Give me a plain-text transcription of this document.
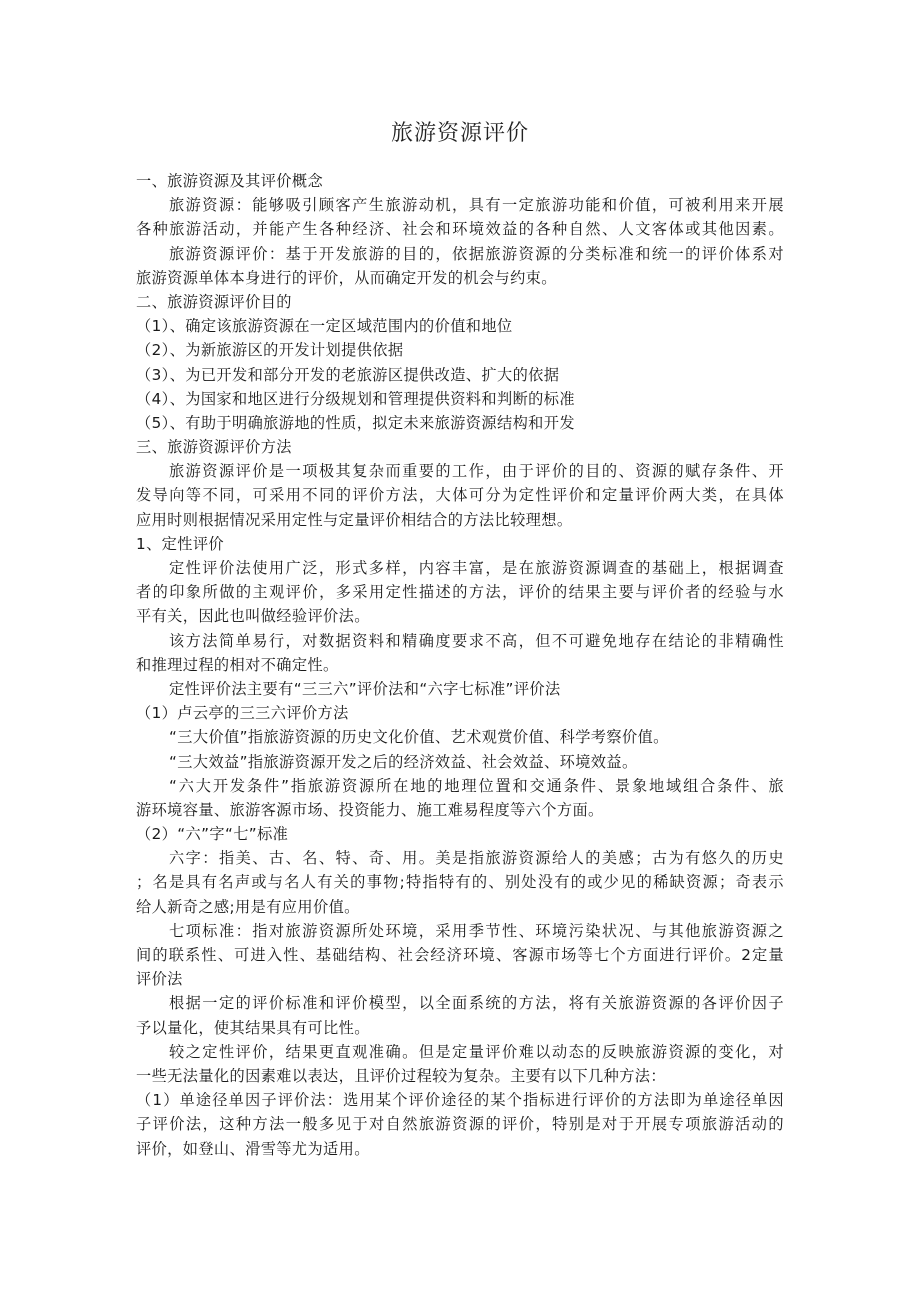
旅游资源评价
一、旅游资源及其评价概念
旅游资源：能够吸引顾客产生旅游动机，具有一定旅游功能和价值，可被利用来开展
各种旅游活动，并能产生各种经济、社会和环境效益的各种自然、人文客体或其他因素。
旅游资源评价：基于开发旅游的目的，依据旅游资源的分类标准和统一的评价体系对
旅游资源单体本身进行的评价，从而确定开发的机会与约束。
二、旅游资源评价目的
（1）、确定该旅游资源在一定区域范围内的价值和地位
（2）、为新旅游区的开发计划提供依据
（3）、为已开发和部分开发的老旅游区提供改造、扩大的依据
（4）、为国家和地区进行分级规划和管理提供资料和判断的标准
（5）、有助于明确旅游地的性质，拟定未来旅游资源结构和开发
三、旅游资源评价方法
旅游资源评价是一项极其复杂而重要的工作，由于评价的目的、资源的赋存条件、开
发导向等不同，可采用不同的评价方法，大体可分为定性评价和定量评价两大类，在具体
应用时则根据情况采用定性与定量评价相结合的方法比较理想。
1、定性评价
定性评价法使用广泛，形式多样，内容丰富，是在旅游资源调查的基础上，根据调查
者的印象所做的主观评价，多采用定性描述的方法，评价的结果主要与评价者的经验与水
平有关，因此也叫做经验评价法。
该方法简单易行，对数据资料和精确度要求不高，但不可避免地存在结论的非精确性
和推理过程的相对不确定性。
定性评价法主要有“三三六”评价法和“六字七标准”评价法
（1）卢云亭的三三六评价方法
“三大价值”指旅游资源的历史文化价值、艺术观赏价值、科学考察价值。
“三大效益”指旅游资源开发之后的经济效益、社会效益、环境效益。
“六大开发条件”指旅游资源所在地的地理位置和交通条件、景象地域组合条件、旅
游环境容量、旅游客源市场、投资能力、施工难易程度等六个方面。
（2）“六”字“七”标准
六字：指美、古、名、特、奇、用。美是指旅游资源给人的美感；古为有悠久的历史
；名是具有名声或与名人有关的事物;特指特有的、别处没有的或少见的稀缺资源；奇表示
给人新奇之感;用是有应用价值。
七项标准：指对旅游资源所处环境，采用季节性、环境污染状况、与其他旅游资源之
间的联系性、可进入性、基础结构、社会经济环境、客源市场等七个方面进行评价。2定量
评价法
根据一定的评价标准和评价模型，以全面系统的方法，将有关旅游资源的各评价因子
予以量化，使其结果具有可比性。
较之定性评价，结果更直观准确。但是定量评价难以动态的反映旅游资源的变化，对
一些无法量化的因素难以表达，且评价过程较为复杂。主要有以下几种方法：
（1）单途径单因子评价法：选用某个评价途径的某个指标进行评价的方法即为单途径单因
子评价法，这种方法一般多见于对自然旅游资源的评价，特别是对于开展专项旅游活动的
评价，如登山、滑雪等尤为适用。
